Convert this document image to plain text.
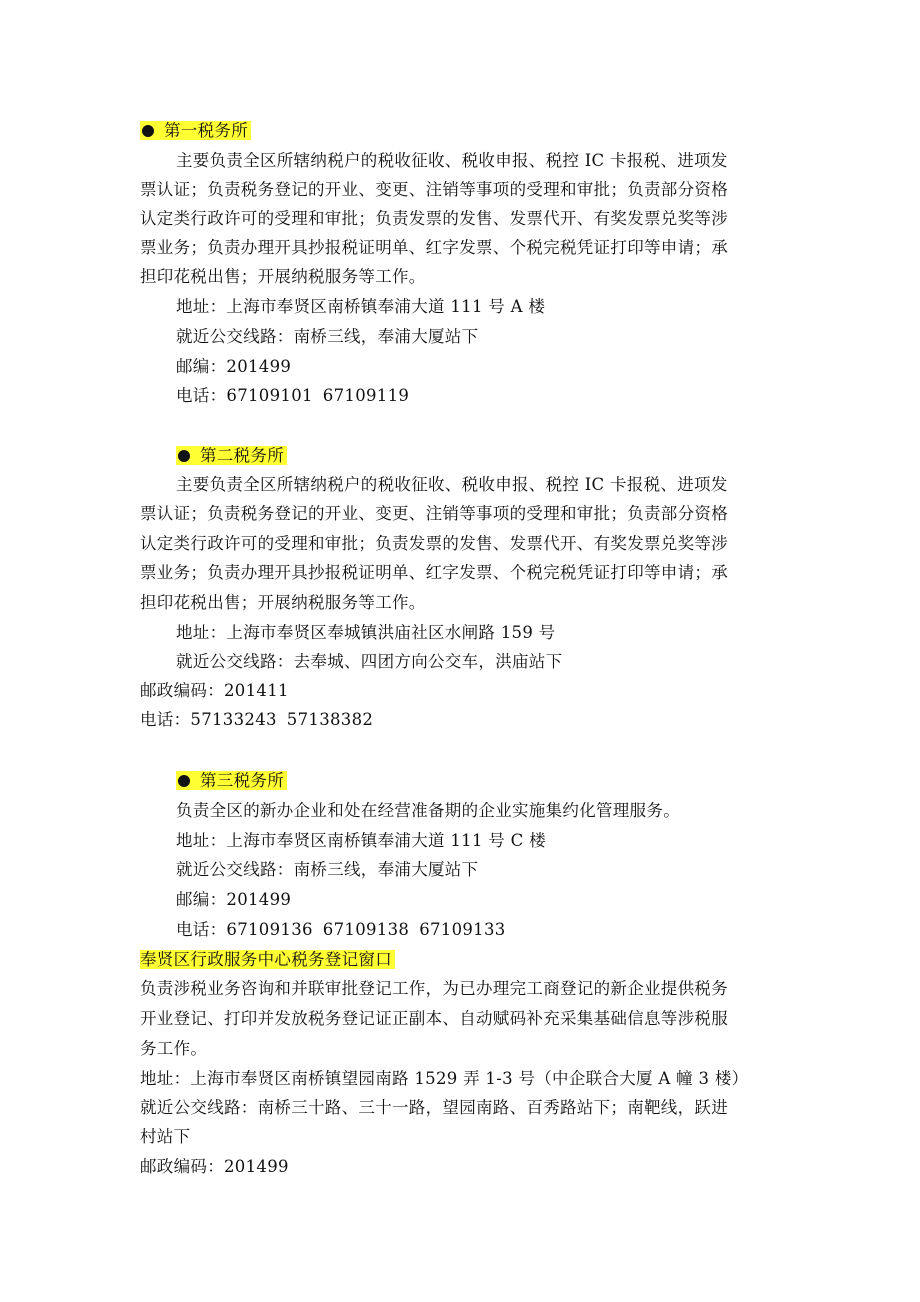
第一税务所
主要负责全区所辖纳税户的税收征收、税收申报、税控 IC 卡报税、进项发
票认证；负责税务登记的开业、变更、注销等事项的受理和审批；负责部分资格
认定类行政许可的受理和审批；负责发票的发售、发票代开、有奖发票兑奖等涉
票业务；负责办理开具抄报税证明单、红字发票、个税完税凭证打印等申请；承
担印花税出售；开展纳税服务等工作。
地址：上海市奉贤区南桥镇奉浦大道 111 号 A 楼
就近公交线路：南桥三线，奉浦大厦站下
邮编：201499
电话：67109101 67109119
第二税务所
主要负责全区所辖纳税户的税收征收、税收申报、税控 IC 卡报税、进项发
票认证；负责税务登记的开业、变更、注销等事项的受理和审批；负责部分资格
认定类行政许可的受理和审批；负责发票的发售、发票代开、有奖发票兑奖等涉
票业务；负责办理开具抄报税证明单、红字发票、个税完税凭证打印等申请；承
担印花税出售；开展纳税服务等工作。
地址：上海市奉贤区奉城镇洪庙社区水闸路 159 号
就近公交线路：去奉城、四团方向公交车，洪庙站下
邮政编码：201411
电话：57133243 57138382
第三税务所
负责全区的新办企业和处在经营准备期的企业实施集约化管理服务。
地址：上海市奉贤区南桥镇奉浦大道 111 号 C 楼
就近公交线路：南桥三线，奉浦大厦站下
邮编：201499
电话：67109136 67109138 67109133
奉贤区行政服务中心税务登记窗口
负责涉税业务咨询和并联审批登记工作，为已办理完工商登记的新企业提供税务
开业登记、打印并发放税务登记证正副本、自动赋码补充采集基础信息等涉税服
务工作。
地址：上海市奉贤区南桥镇望园南路 1529 弄 1-3 号（中企联合大厦 A 幢 3 楼）
就近公交线路：南桥三十路、三十一路，望园南路、百秀路站下；南靶线，跃进
村站下
邮政编码：201499
